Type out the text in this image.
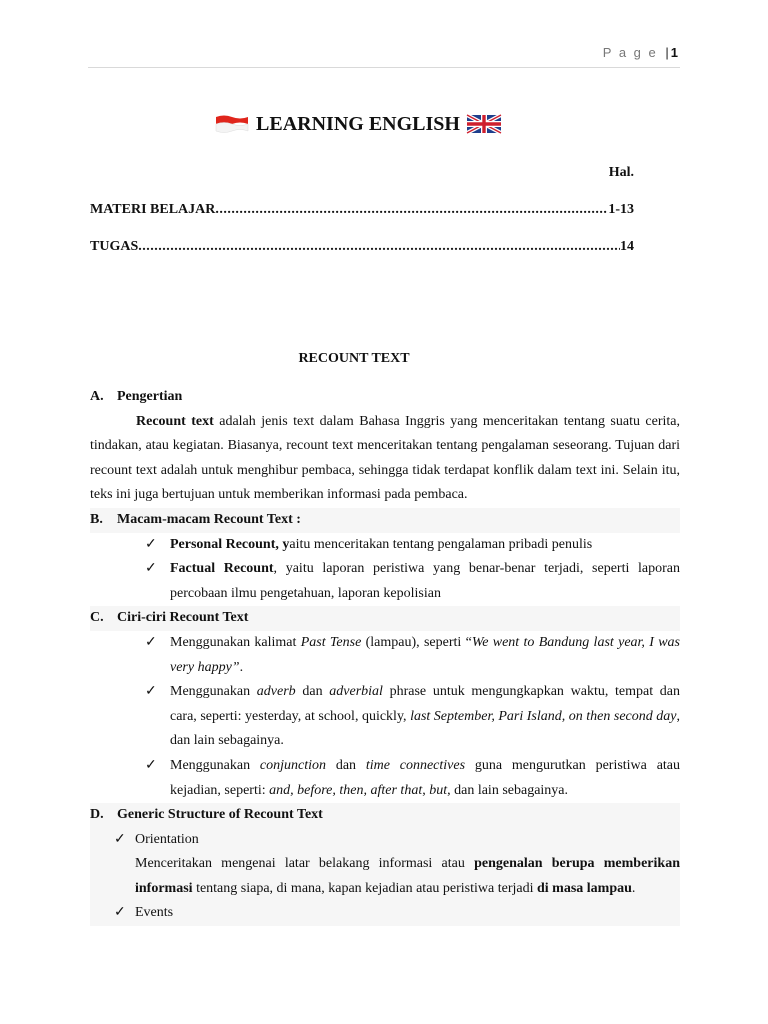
P a g e | 1
LEARNING ENGLISH
Hal.
MATERI BELAJAR .....	1-13
TUGAS .....	14
RECOUNT TEXT
A. Pengertian
Recount text adalah jenis text dalam Bahasa Inggris yang menceritakan tentang suatu cerita, tindakan, atau kegiatan. Biasanya, recount text menceritakan tentang pengalaman seseorang. Tujuan dari recount text adalah untuk menghibur pembaca, sehingga tidak terdapat konflik dalam text ini. Selain itu, teks ini juga bertujuan untuk memberikan informasi pada pembaca.
B.	Macam-macam Recount Text :
✓ Personal Recount, yaitu menceritakan tentang pengalaman pribadi penulis
✓ Factual Recount, yaitu laporan peristiwa yang benar-benar terjadi, seperti laporan percobaan ilmu pengetahuan, laporan kepolisian
C. Ciri-ciri Recount Text
✓ Menggunakan kalimat Past Tense (lampau), seperti “We went to Bandung last year, I was very happy”.
✓ Menggunakan adverb dan adverbial phrase untuk mengungkapkan waktu, tempat dan cara, seperti: yesterday, at school, quickly, last September, Pari Island, on then second day, dan lain sebagainya.
✓ Menggunakan conjunction dan time connectives guna mengurutkan peristiwa atau kejadian, seperti: and, before, then, after that, but, dan lain sebagainya.
D. Generic Structure of Recount Text
✓ Orientation
Menceritakan mengenai latar belakang informasi atau pengenalan berupa memberikan informasi tentang siapa, di mana, kapan kejadian atau peristiwa terjadi di masa lampau.
✓ Events
